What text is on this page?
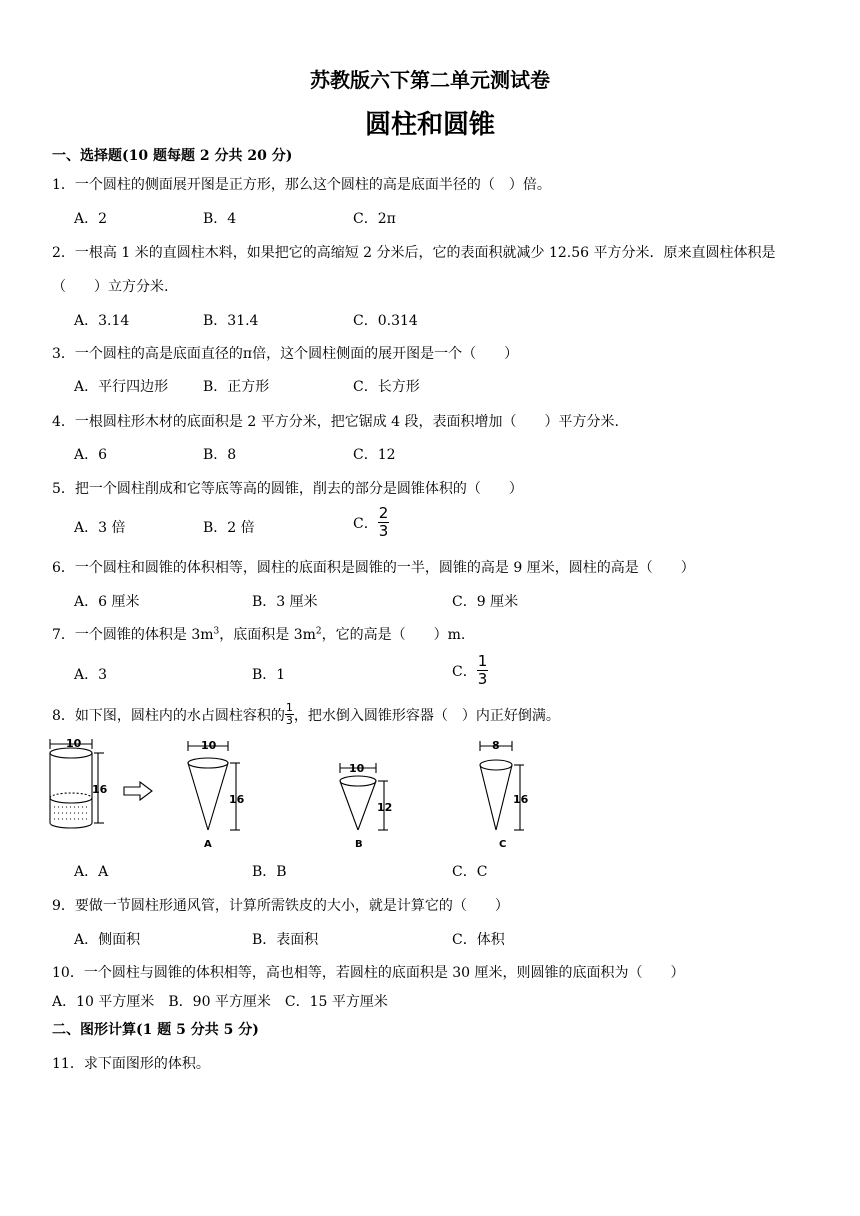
苏教版六下第二单元测试卷
圆柱和圆锥
一、选择题(10 题每题 2 分共 20 分)
1．一个圆柱的侧面展开图是正方形，那么这个圆柱的高是底面半径的（　）倍。
A．2	B．4	C．2π
2．一根高 1 米的直圆柱木料，如果把它的高缩短 2 分米后，它的表面积就减少 12.56 平方分米．原来直圆柱体积是
（　　）立方分米.
A．3.14	B．31.4	C．0.314
3．一个圆柱的高是底面直径的π倍，这个圆柱侧面的展开图是一个（　　）
A．平行四边形 B．正方形	C．长方形
4．一根圆柱形木材的底面积是 2 平方分米，把它锯成 4 段，表面积增加（　　）平方分米.
A．6	B．8	C．12
5．把一个圆柱削成和它等底等高的圆锥，削去的部分是圆锥体积的（　　）
A．3 倍	B．2 倍	C． $\frac{2}{3}$
6．一个圆柱和圆锥的体积相等，圆柱的底面积是圆锥的一半，圆锥的高是 9 厘米，圆柱的高是（　　）
A．6 厘米	B．3 厘米	C．9 厘米
7．一个圆锥的体积是 $3m^3$，底面积是 $3m^2$，它的高是（　　）m.
A．3	B．1	C． $\frac{1}{3}$
8．如下图，圆柱内的水占圆柱容积的 $\frac{1}{3}$ ，把水倒入圆锥形容器（　）内正好倒满。
10
16
10
16
A
10
12
B
8
16
C
A．A	B．B	C．C
9．要做一节圆柱形通风管，计算所需铁皮的大小，就是计算它的（　　）
A．侧面积	B．表面积	C．体积
10．一个圆柱与圆锥的体积相等，高也相等，若圆柱的底面积是 30 厘米，则圆锥的底面积为（　　）
A．10 平方厘米　B．90 平方厘米　C．15 平方厘米
二、图形计算(1 题 5 分共 5 分)
11．求下面图形的体积。
